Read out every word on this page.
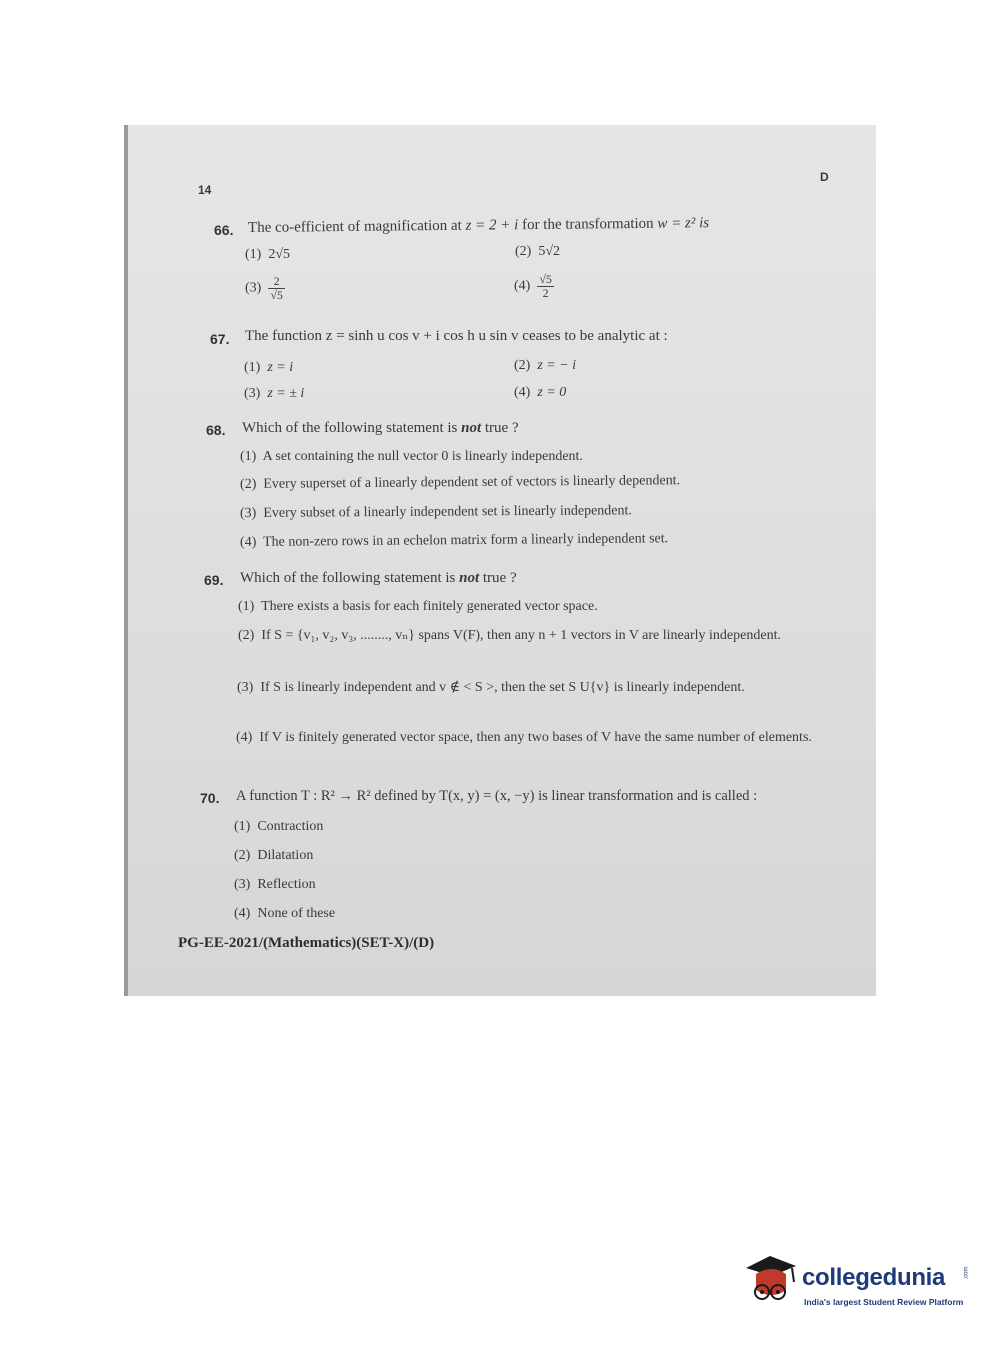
14
D
66. The co-efficient of magnification at z = 2 + i for the transformation w = z² is
(1) 2√5	(2) 5√2
$(3) \frac{2}{√5}$	$(4) \frac{√5}{2}$
67. The function z = sinh u cos v + i cos h u sin v ceases to be analytic at :
(1) z = i	(2) z = − i
(3) z = ± i	(4) z = 0
68. Which of the following statement is not true ?
(1) A set containing the null vector 0 is linearly independent.
(2) Every superset of a linearly dependent set of vectors is linearly dependent.
(3) Every subset of a linearly independent set is linearly independent.
(4) The non-zero rows in an echelon matrix form a linearly independent set.
69. Which of the following statement is not true ?
(1) There exists a basis for each finitely generated vector space.
(2) If S = {v₁, v₂, v₃, ........, vₙ} spans V(F), then any n + 1 vectors in V are linearly independent.
(3) If S is linearly independent and v ∉ < S >, then the set S U{v} is linearly independent.
(4) If V is finitely generated vector space, then any two bases of V have the same number of elements.
70. A function T : R² → R² defined by T(x, y) = (x, −y) is linear transformation and is called :
(1) Contraction
(2) Dilatation
(3) Reflection
(4) None of these
PG-EE-2021/(Mathematics)(SET-X)/(D)
collegedunia	.com
India's largest Student Review Platform
